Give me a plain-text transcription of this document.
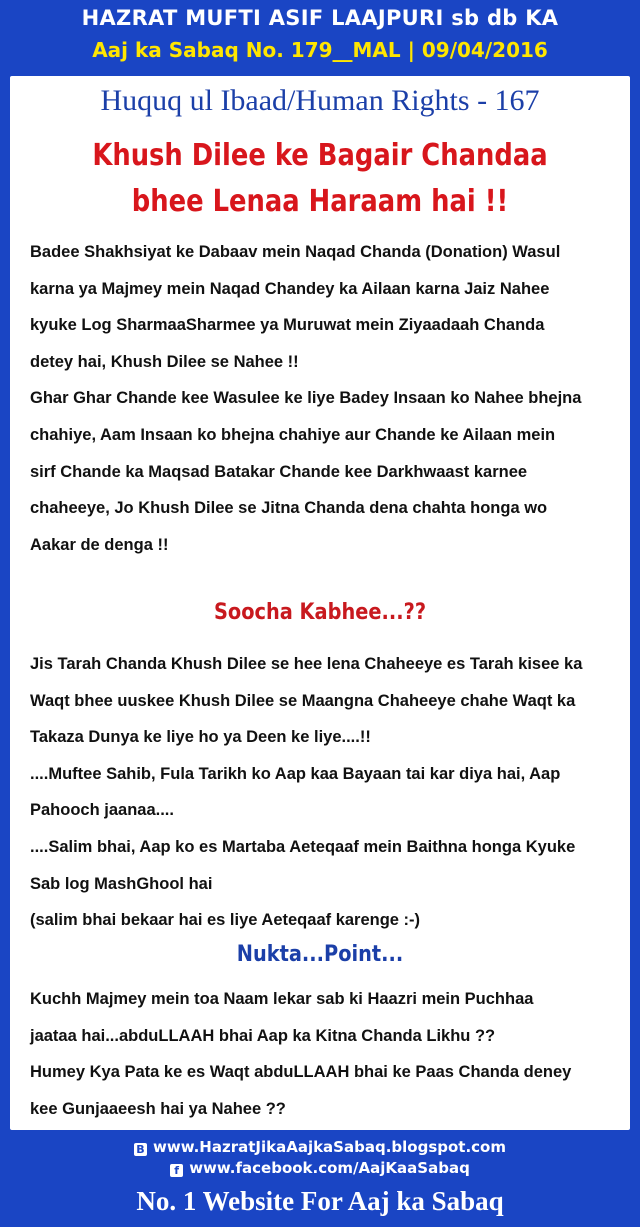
HAZRAT MUFTI ASIF LAAJPURI sb db KA
Aaj ka Sabaq No. 179__MAL | 09/04/2016
Huquq ul Ibaad/Human Rights - 167
Khush Dilee ke Bagair Chandaa
bhee Lenaa Haraam hai !!
Badee Shakhsiyat ke Dabaav mein Naqad Chanda (Donation) Wasul
karna ya Majmey mein Naqad Chandey ka Ailaan karna Jaiz Nahee
kyuke Log SharmaaSharmee ya Muruwat mein Ziyaadaah Chanda
detey hai, Khush Dilee se Nahee !!
Ghar Ghar Chande kee Wasulee ke liye Badey Insaan ko Nahee bhejna
chahiye, Aam Insaan ko bhejna chahiye aur Chande ke Ailaan mein
sirf Chande ka Maqsad Batakar Chande kee Darkhwaast karnee
chaheeye, Jo Khush Dilee se Jitna Chanda dena chahta honga wo
Aakar de denga !!
Soocha Kabhee...??
Jis Tarah Chanda Khush Dilee se hee lena Chaheeye es Tarah kisee ka
Waqt bhee uuskee Khush Dilee se Maangna Chaheeye chahe Waqt ka
Takaza Dunya ke liye ho ya Deen ke liye....!!
....Muftee Sahib, Fula Tarikh ko Aap kaa Bayaan tai kar diya hai, Aap
Pahooch jaanaa....
....Salim bhai, Aap ko es Martaba Aeteqaaf mein Baithna honga Kyuke
Sab log MashGhool hai
(salim bhai bekaar hai es liye Aeteqaaf karenge :-)
Nukta...Point...
Kuchh Majmey mein toa Naam lekar sab ki Haazri mein Puchhaa
jaataa hai...abduLLAAH bhai Aap ka Kitna Chanda Likhu ??
Humey Kya Pata ke es Waqt abduLLAAH bhai ke Paas Chanda deney
kee Gunjaaeesh hai ya Nahee ??
B www.HazratJikaAajkaSabaq.blogspot.com
f www.facebook.com/AajKaaSabaq
No. 1 Website For Aaj ka Sabaq
